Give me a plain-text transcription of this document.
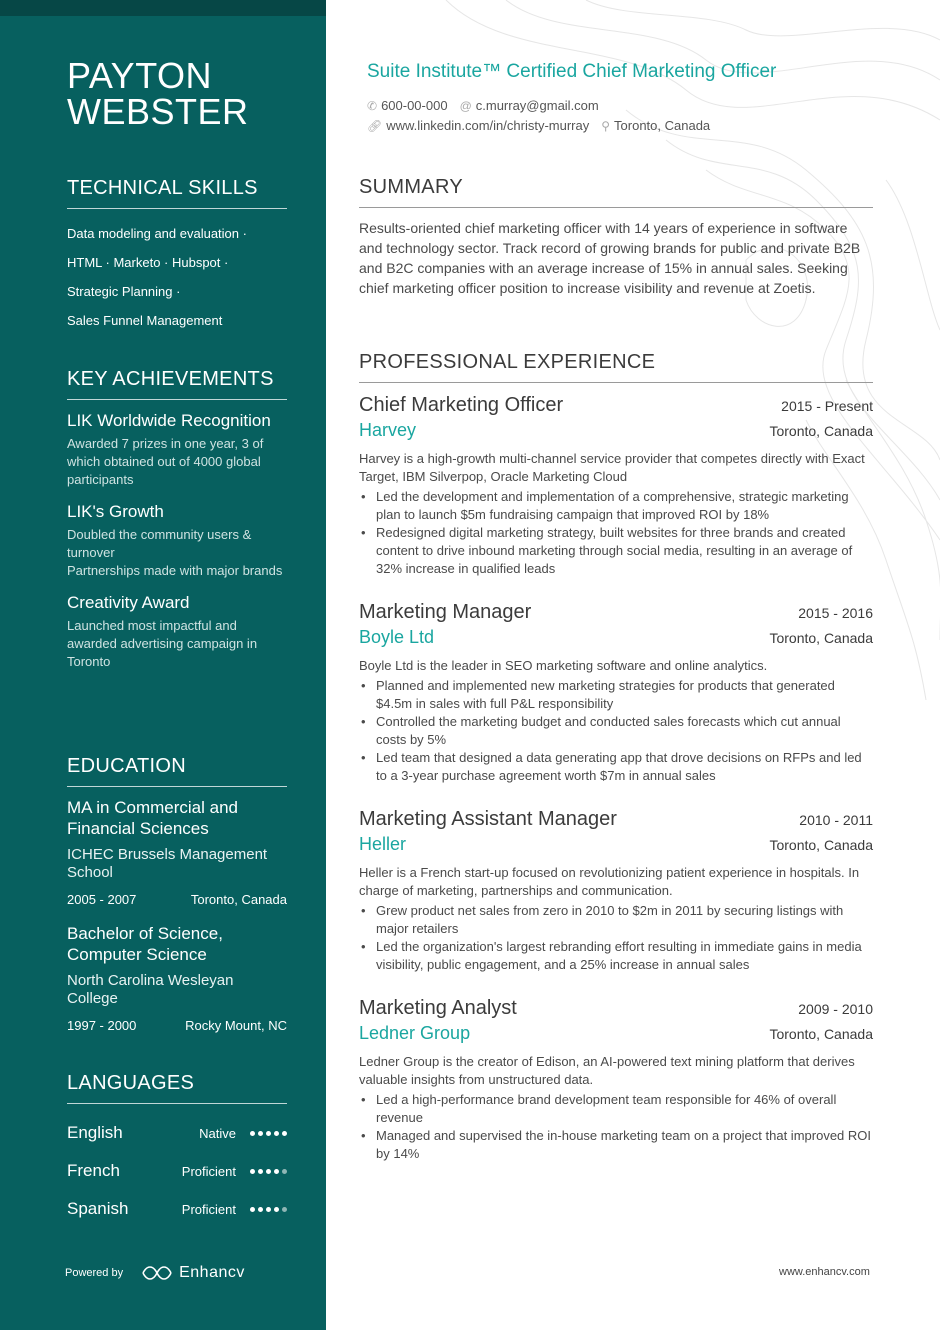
PAYTON
WEBSTER
TECHNICAL SKILLS
Data modeling and evaluation ·
HTML · Marketo · Hubspot ·
Strategic Planning ·
Sales Funnel Management
KEY ACHIEVEMENTS
LIK Worldwide Recognition
Awarded 7 prizes in one year, 3 of which obtained out of 4000 global participants
LIK's Growth
Doubled the community users & turnover
Partnerships made with major brands
Creativity Award
Launched most impactful and awarded advertising campaign in Toronto
EDUCATION
MA in Commercial and Financial Sciences
ICHEC Brussels Management School
2005 - 2007	Toronto, Canada
Bachelor of Science, Computer Science
North Carolina Wesleyan College
1997 - 2000	Rocky Mount, NC
LANGUAGES
English	Native
French	Proficient
Spanish	Proficient
Powered by	Enhancv
Suite Institute™ Certified Chief Marketing Officer
✆ 600-00-000 @ c.murray@gmail.com
🔗︎ www.linkedin.com/in/christy-murray ⚲ Toronto, Canada
SUMMARY

Results-oriented chief marketing officer with 14 years of experience in software and technology sector. Track record of growing brands for public and private B2B and B2C companies with an average increase of 15% in annual sales. Seeking chief marketing officer position to increase visibility and revenue at Zoetis.

PROFESSIONAL EXPERIENCE
Chief Marketing Officer	2015 - Present
Harvey	Toronto, Canada
Harvey is a high-growth multi-channel service provider that competes directly with Exact Target, IBM Silverpop, Oracle Marketing Cloud
• Led the development and implementation of a comprehensive, strategic marketing plan to launch $5m fundraising campaign that improved ROI by 18%
• Redesigned digital marketing strategy, built websites for three brands and created content to drive inbound marketing through social media, resulting in an average of 32% increase in qualified leads
Marketing Manager	2015 - 2016
Boyle Ltd	Toronto, Canada
Boyle Ltd is the leader in SEO marketing software and online analytics.
• Planned and implemented new marketing strategies for products that generated $4.5m in sales with full P&L responsibility
• Controlled the marketing budget and conducted sales forecasts which cut annual costs by 5%
• Led team that designed a data generating app that drove decisions on RFPs and led to a 3-year purchase agreement worth $7m in annual sales
Marketing Assistant Manager	2010 - 2011
Heller	Toronto, Canada
Heller is a French start-up focused on revolutionizing patient experience in hospitals. In charge of marketing, partnerships and communication.
• Grew product net sales from zero in 2010 to $2m in 2011 by securing listings with major retailers
• Led the organization's largest rebranding effort resulting in immediate gains in media visibility, public engagement, and a 25% increase in annual sales
Marketing Analyst	2009 - 2010
Ledner Group	Toronto, Canada
Ledner Group is the creator of Edison, an AI-powered text mining platform that derives valuable insights from unstructured data.
• Led a high-performance brand development team responsible for 46% of overall revenue
• Managed and supervised the in-house marketing team on a project that improved ROI by 14%
www.enhancv.com
